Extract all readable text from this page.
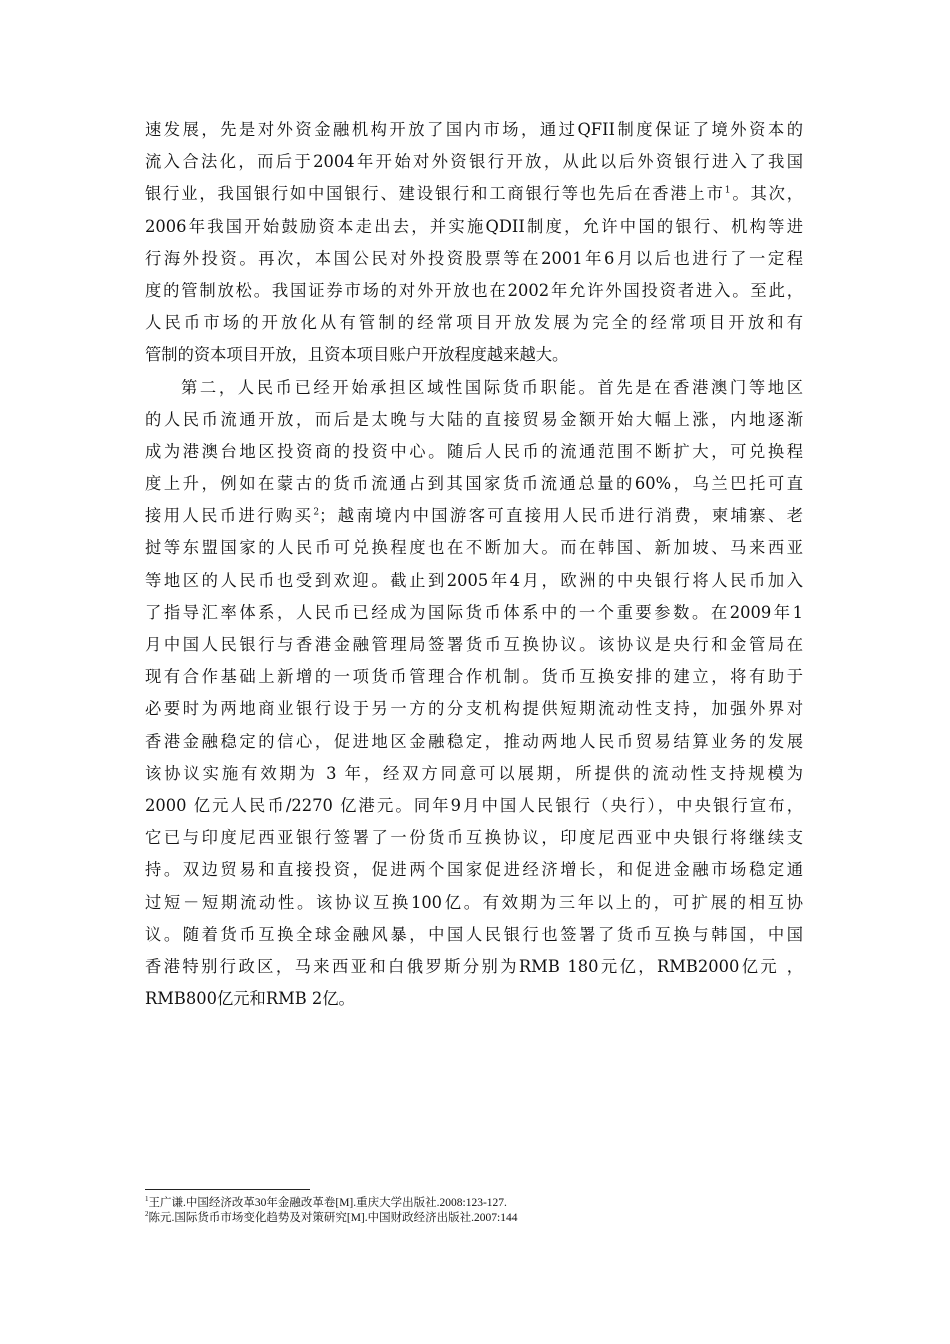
速发展，先是对外资金融机构开放了国内市场，通过QFII制度保证了境外资本的
流入合法化，而后于2004年开始对外资银行开放，从此以后外资银行进入了我国
银行业，我国银行如中国银行、建设银行和工商银行等也先后在香港上市$^1$。其次，
2006年我国开始鼓励资本走出去，并实施QDII制度，允许中国的银行、机构等进
行海外投资。再次，本国公民对外投资股票等在2001年6月以后也进行了一定程
度的管制放松。我国证券市场的对外开放也在2002年允许外国投资者进入。至此，
人民币市场的开放化从有管制的经常项目开放发展为完全的经常项目开放和有
管制的资本项目开放，且资本项目账户开放程度越来越大。
第二，人民币已经开始承担区域性国际货币职能。首先是在香港澳门等地区
的人民币流通开放，而后是太晚与大陆的直接贸易金额开始大幅上涨，内地逐渐
成为港澳台地区投资商的投资中心。随后人民币的流通范围不断扩大，可兑换程
度上升，例如在蒙古的货币流通占到其国家货币流通总量的60%，乌兰巴托可直
接用人民币进行购买$^2$；越南境内中国游客可直接用人民币进行消费，柬埔寨、老
挝等东盟国家的人民币可兑换程度也在不断加大。而在韩国、新加坡、马来西亚
等地区的人民币也受到欢迎。截止到2005年4月，欧洲的中央银行将人民币加入
了指导汇率体系，人民币已经成为国际货币体系中的一个重要参数。在2009年1
月中国人民银行与香港金融管理局签署货币互换协议。该协议是央行和金管局在
现有合作基础上新增的一项货币管理合作机制。货币互换安排的建立，将有助于
必要时为两地商业银行设于另一方的分支机构提供短期流动性支持，加强外界对
香港金融稳定的信心，促进地区金融稳定，推动两地人民币贸易结算业务的发展
该协议实施有效期为 3 年，经双方同意可以展期，所提供的流动性支持规模为
2000 亿元人民币/2270 亿港元。同年9月中国人民银行（央行），中央银行宣布，
它已与印度尼西亚银行签署了一份货币互换协议，印度尼西亚中央银行将继续支
持。双边贸易和直接投资，促进两个国家促进经济增长，和促进金融市场稳定通
过短－短期流动性。该协议互换100亿。有效期为三年以上的，可扩展的相互协
议。随着货币互换全球金融风暴，中国人民银行也签署了货币互换与韩国，中国
香港特别行政区，马来西亚和白俄罗斯分别为RMB 180元亿，RMB2000亿元 ，
RMB800亿元和RMB 2亿。
$^1$王广谦.中国经济改革30年金融改革卷[M].重庆大学出版社.2008:123-127.
$^2$陈元.国际货币市场变化趋势及对策研究[M].中国财政经济出版社.2007:144
